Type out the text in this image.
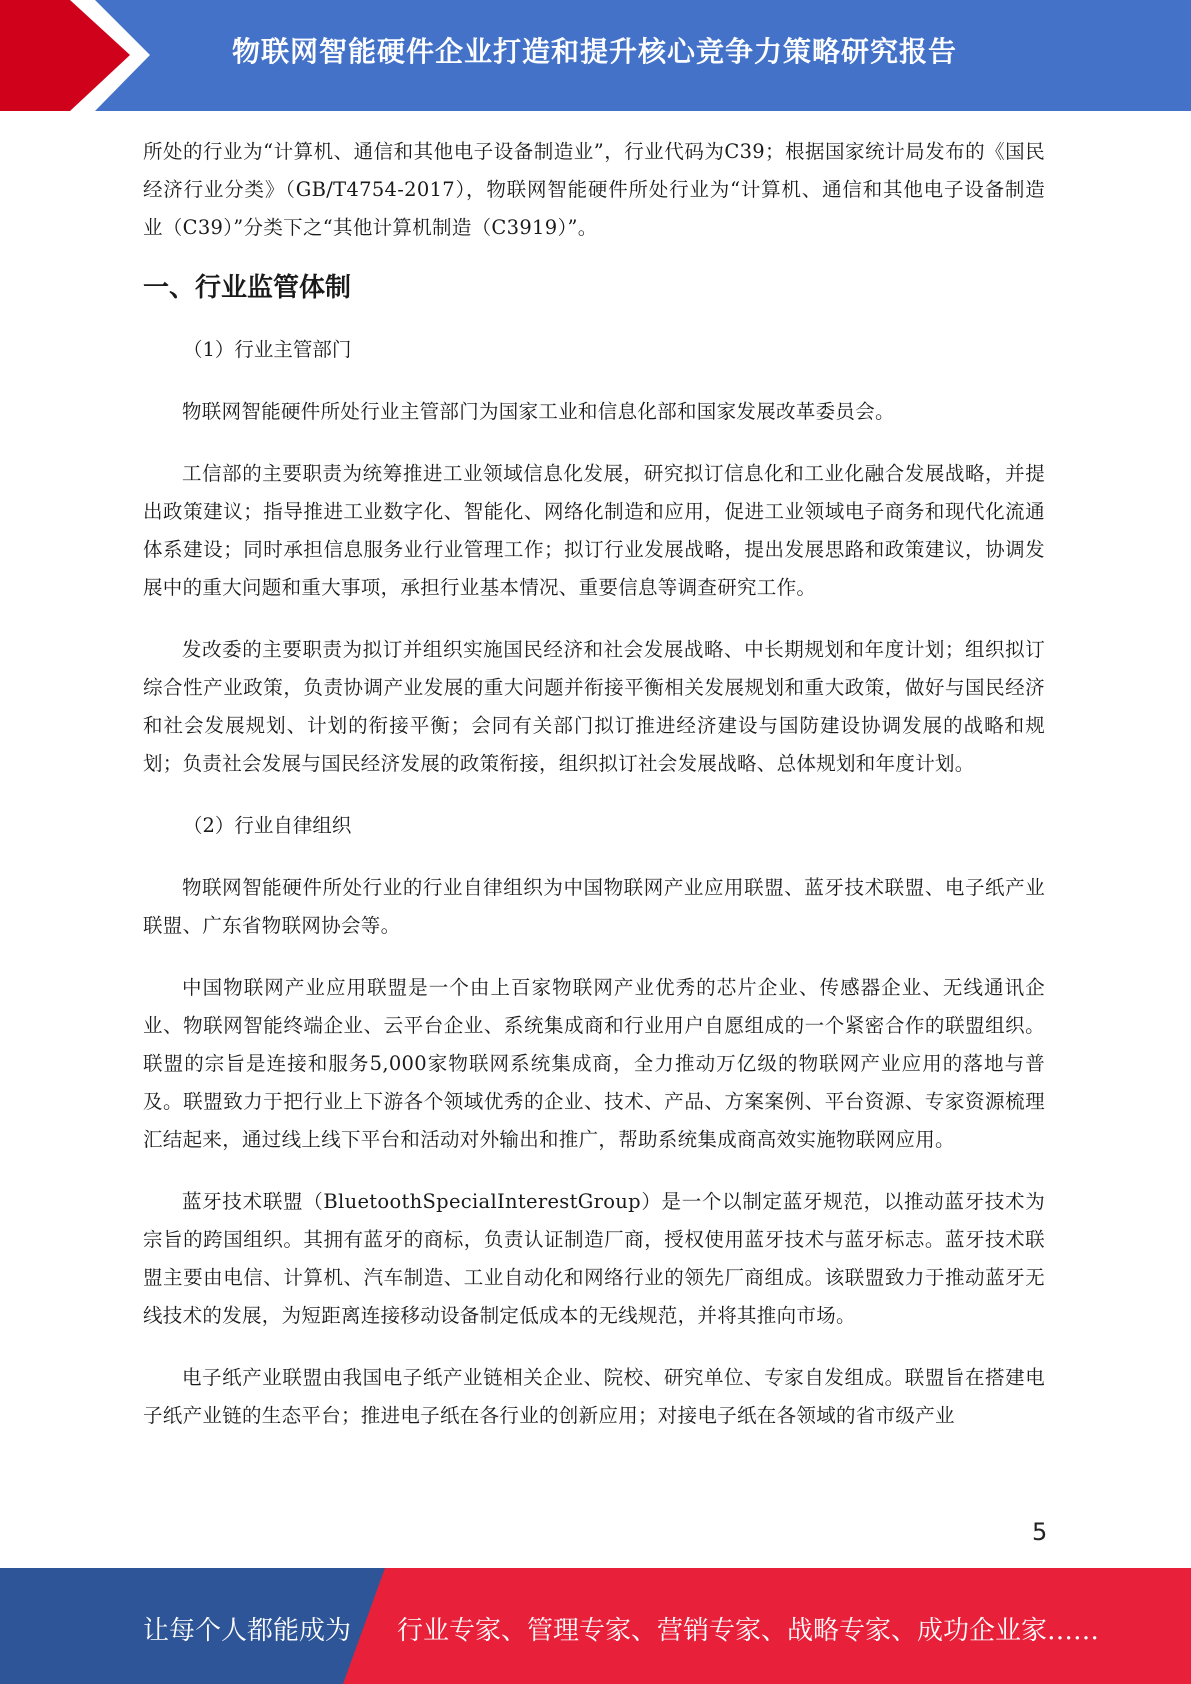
物联网智能硬件企业打造和提升核心竞争力策略研究报告

所处的行业为“计算机、通信和其他电子设备制造业”，行业代码为C39；根据国家统计局发布的《国民经济行业分类》（GB/T4754-2017），物联网智能硬件所处行业为“计算机、通信和其他电子设备制造业（C39）”分类下之“其他计算机制造（C3919）”。

一、行业监管体制

（1）行业主管部门

物联网智能硬件所处行业主管部门为国家工业和信息化部和国家发展改革委员会。

工信部的主要职责为统筹推进工业领域信息化发展，研究拟订信息化和工业化融合发展战略，并提出政策建议；指导推进工业数字化、智能化、网络化制造和应用，促进工业领域电子商务和现代化流通体系建设；同时承担信息服务业行业管理工作；拟订行业发展战略，提出发展思路和政策建议，协调发展中的重大问题和重大事项，承担行业基本情况、重要信息等调查研究工作。

发改委的主要职责为拟订并组织实施国民经济和社会发展战略、中长期规划和年度计划；组织拟订综合性产业政策，负责协调产业发展的重大问题并衔接平衡相关发展规划和重大政策，做好与国民经济和社会发展规划、计划的衔接平衡；会同有关部门拟订推进经济建设与国防建设协调发展的战略和规划；负责社会发展与国民经济发展的政策衔接，组织拟订社会发展战略、总体规划和年度计划。

（2）行业自律组织

物联网智能硬件所处行业的行业自律组织为中国物联网产业应用联盟、蓝牙技术联盟、电子纸产业联盟、广东省物联网协会等。

中国物联网产业应用联盟是一个由上百家物联网产业优秀的芯片企业、传感器企业、无线通讯企业、物联网智能终端企业、云平台企业、系统集成商和行业用户自愿组成的一个紧密合作的联盟组织。联盟的宗旨是连接和服务5,000家物联网系统集成商，全力推动万亿级的物联网产业应用的落地与普及。联盟致力于把行业上下游各个领域优秀的企业、技术、产品、方案案例、平台资源、专家资源梳理汇结起来，通过线上线下平台和活动对外输出和推广，帮助系统集成商高效实施物联网应用。

蓝牙技术联盟（BluetoothSpecialInterestGroup）是一个以制定蓝牙规范，以推动蓝牙技术为宗旨的跨国组织。其拥有蓝牙的商标，负责认证制造厂商，授权使用蓝牙技术与蓝牙标志。蓝牙技术联盟主要由电信、计算机、汽车制造、工业自动化和网络行业的领先厂商组成。该联盟致力于推动蓝牙无线技术的发展，为短距离连接移动设备制定低成本的无线规范，并将其推向市场。

电子纸产业联盟由我国电子纸产业链相关企业、院校、研究单位、专家自发组成。联盟旨在搭建电子纸产业链的生态平台；推进电子纸在各行业的创新应用；对接电子纸在各领域的省市级产业

5
让每个人都能成为 行业专家、管理专家、营销专家、战略专家、成功企业家……
